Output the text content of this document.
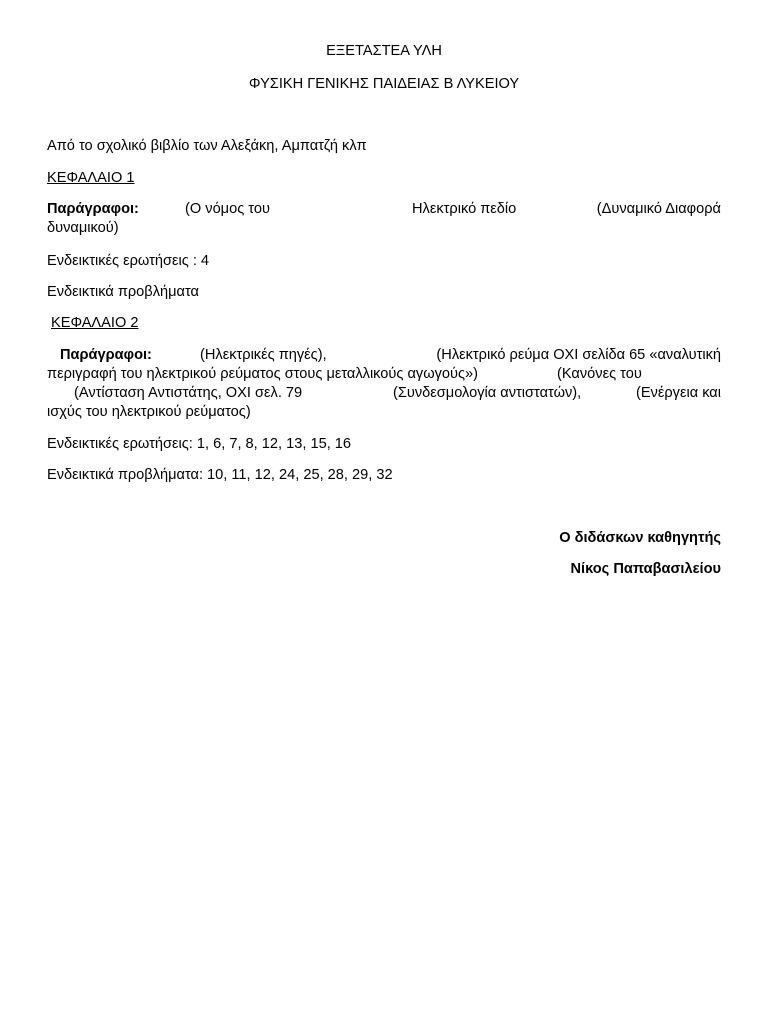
ΕΞΕΤΑΣΤΕΑ ΥΛΗ
ΦΥΣΙΚΗ ΓΕΝΙΚΗΣ ΠΑΙΔΕΙΑΣ Β ΛΥΚΕΙΟΥ
Από το σχολικό βιβλίο των Αλεξάκη, Αμπατζή κλπ
ΚΕΦΑΛΑΙΟ 1
Παράγραφοι:	(Ο νόμος του	Ηλεκτρικό πεδίο	(Δυναμικό Διαφορά
δυναμικού)
Ενδεικτικές ερωτήσεις : 4
Ενδεικτικά προβλήματα
ΚΕΦΑΛΑΙΟ 2
Παράγραφοι:	(Ηλεκτρικές πηγές),	(Ηλεκτρικό ρεύμα ΟΧΙ σελίδα 65 «αναλυτική
περιγραφή του ηλεκτρικού ρεύματος στους μεταλλικούς αγωγούς»)	(Κανόνες του
(Αντίσταση Αντιστάτης, ΟΧΙ σελ. 79	(Συνδεσμολογία αντιστατών),	(Ενέργεια και
ισχύς του ηλεκτρικού ρεύματος)
Ενδεικτικές ερωτήσεις: 1, 6, 7, 8, 12, 13, 15, 16
Ενδεικτικά προβλήματα: 10, 11, 12, 24, 25, 28, 29, 32
Ο διδάσκων καθηγητής
Νίκος Παπαβασιλείου
